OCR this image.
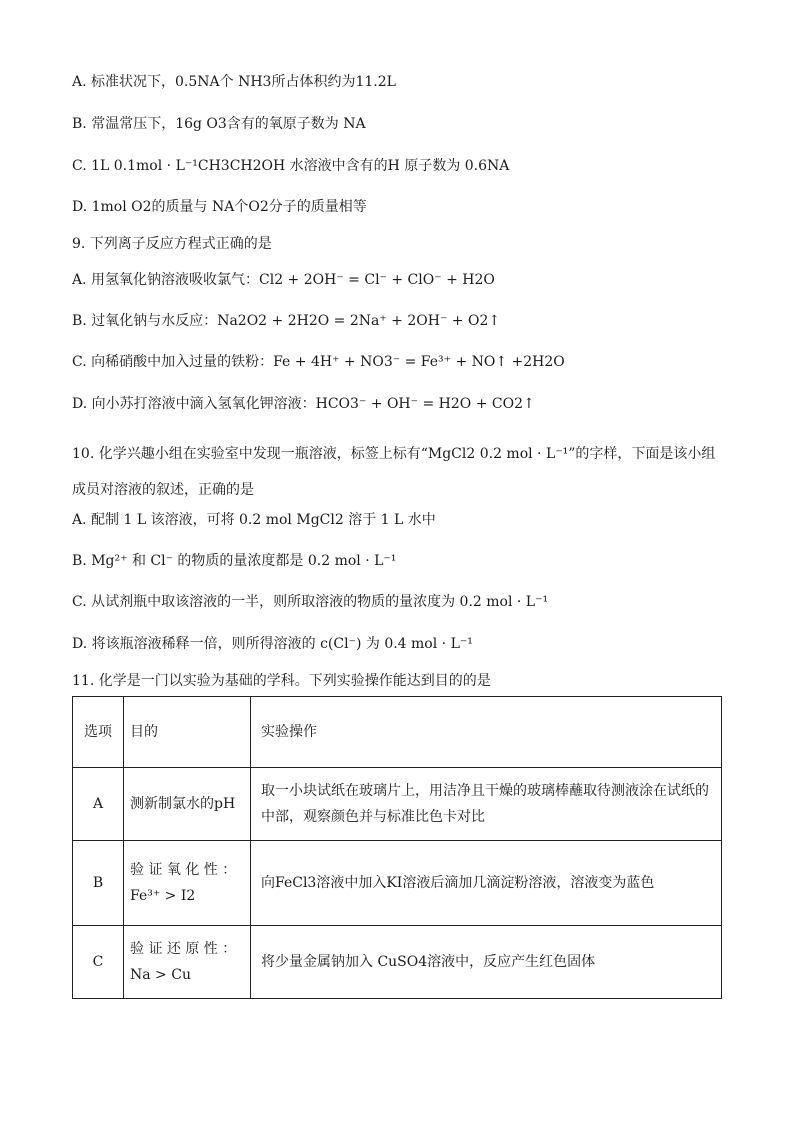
A. 标准状况下，0.5NA个 NH3所占体积约为11.2L
B. 常温常压下，16g O3含有的氧原子数为 NA
C. 1L 0.1mol · L⁻¹CH3CH2OH 水溶液中含有的H 原子数为 0.6NA
D. 1mol O2的质量与 NA个O2分子的质量相等
9. 下列离子反应方程式正确的是
A. 用氢氧化钠溶液吸收氯气：Cl2 + 2OH⁻ = Cl⁻ + ClO⁻ + H2O
B. 过氧化钠与水反应：Na2O2 + 2H2O = 2Na⁺ + 2OH⁻ + O2↑
C. 向稀硝酸中加入过量的铁粉：Fe + 4H⁺ + NO3⁻ = Fe³⁺ + NO↑ +2H2O
D. 向小苏打溶液中滴入氢氧化钾溶液：HCO3⁻ + OH⁻ = H2O + CO2↑
10. 化学兴趣小组在实验室中发现一瓶溶液，标签上标有“MgCl2 0.2 mol · L⁻¹”的字样，下面是该小组成员对溶液的叙述，正确的是
A. 配制 1 L 该溶液，可将 0.2 mol MgCl2 溶于 1 L 水中
B. Mg²⁺ 和 Cl⁻ 的物质的量浓度都是 0.2 mol · L⁻¹
C. 从试剂瓶中取该溶液的一半，则所取溶液的物质的量浓度为 0.2 mol · L⁻¹
D. 将该瓶溶液稀释一倍，则所得溶液的 c(Cl⁻) 为 0.4 mol · L⁻¹
11. 化学是一门以实验为基础的学科。下列实验操作能达到目的的是
选项	目的	实验操作
A	测新制氯水的pH	取一小块试纸在玻璃片上，用洁净且干燥的玻璃棒蘸取待测液涂在试纸的中部，观察颜色并与标准比色卡对比
B	验 证 氧 化 性 ： Fe³⁺ > I2	向FeCl3溶液中加入KI溶液后滴加几滴淀粉溶液，溶液变为蓝色
C	验 证 还 原 性 ： Na > Cu	将少量金属钠加入 CuSO4溶液中，反应产生红色固体
